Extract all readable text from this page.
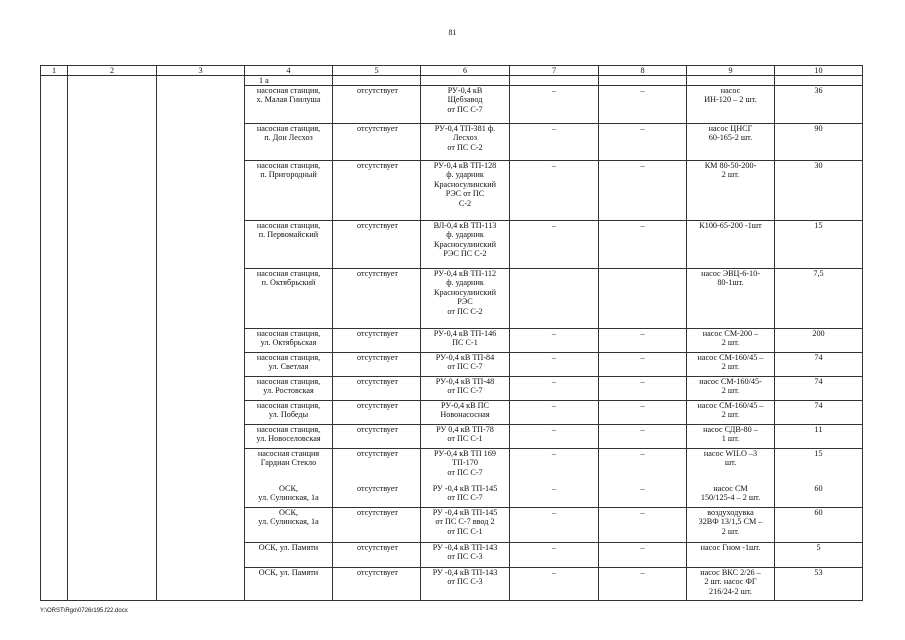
81
1	2	3	4	5	6	7	8	9	10
			1 а						
			насосная станция,
х. Малая Гнилуша	отсутствует	РУ-0,4 кВ
Щебзавод
от ПС С-7	–	–	насос
ИН-120 – 2 шт.	36
			насосная станция,
п. Дон Лесхоз	отсутствует	РУ-0,4 ТП-381 ф.
Лесхоз
от ПС С-2	–	–	насос ЦНСГ
60-165-2 шт.	90
			насосная станция,
п. Пригородный	отсутствует	РУ-0,4 кВ ТП-128
ф. ударник
Красносулинский
РЭС от ПС
С-2	–	–	КМ 80-50-200-
2 шт.	30
			насосная станция,
п. Первомайский	отсутствует	ВЛ-0,4 кВ ТП-113
ф. ударник
Красносулинский
РЭС ПС С-2	–	–	К100-65-200 -1шт	15
			насосная станция,
п. Октябрьский	отсутствует	РУ-0,4 кВ ТП-112
ф. ударник
Красносулинский
РЭС
от ПС С-2			насос ЭВЦ-6-10-
80-1шт.	7,5
			насосная станция,
ул. Октябрьская	отсутствует	РУ-0,4 кВ ТП-146
ПС С-1	–	–	насос СМ-200 –
2 шт.	200
			насосная станция,
ул. Светлая	отсутствует	РУ-0,4 кВ ТП-84
от ПС С-7	–	–	насос СМ-160/45 –
2 шт.	74
			насосная станция,
ул. Ростовская	отсутствует	РУ-0,4 кВ ТП-48
от ПС С-7	–	–	насос СМ-160/45-
2 шт.	74
			насосная станция,
ул. Победы	отсутствует	РУ-0,4 кВ ПС
Новонасосная	–	–	насос СМ-160/45 –
2 шт.	74
			насосная станция,
ул. Новоселовская	отсутствует	РУ 0,4 кВ ТП-78
от ПС С-1	–	–	насос СДВ-80 –
1 шт.	11
			насосная станция
Гардиан Стекло	отсутствует	РУ-0,4 кВ ТП 169
ТП-170
от ПС С-7	–	–	насос WILO –3
шт.	15
			ОСК,
ул. Сулинская, 1а	отсутствует	РУ -0,4 кВ ТП-145
от ПС С-7	–	–	насос СМ
150/125-4 – 2 шт.	60
			ОСК,
ул. Сулинская, 1а	отсутствует	РУ -0,4 кВ ТП-145
от ПС С-7 ввод 2
от ПС С-1	–	–	воздуходувка
32ВФ 13/1,5 СМ –
2 шт.	60
			ОСК, ул. Памяти	отсутствует	РУ -0,4 кВ ТП-143
от ПС С-3	–	–	насос Гном -1шт.	5
			ОСК, ул. Памяти	отсутствует	РУ -0,4 кВ ТП-143
от ПС С-3	–	–	насос ВКС 2/26 –
2 шт. насос ФГ
216/24-2 шт.	53
Y:\ORST\Rgo\0726r195.f22.docx
